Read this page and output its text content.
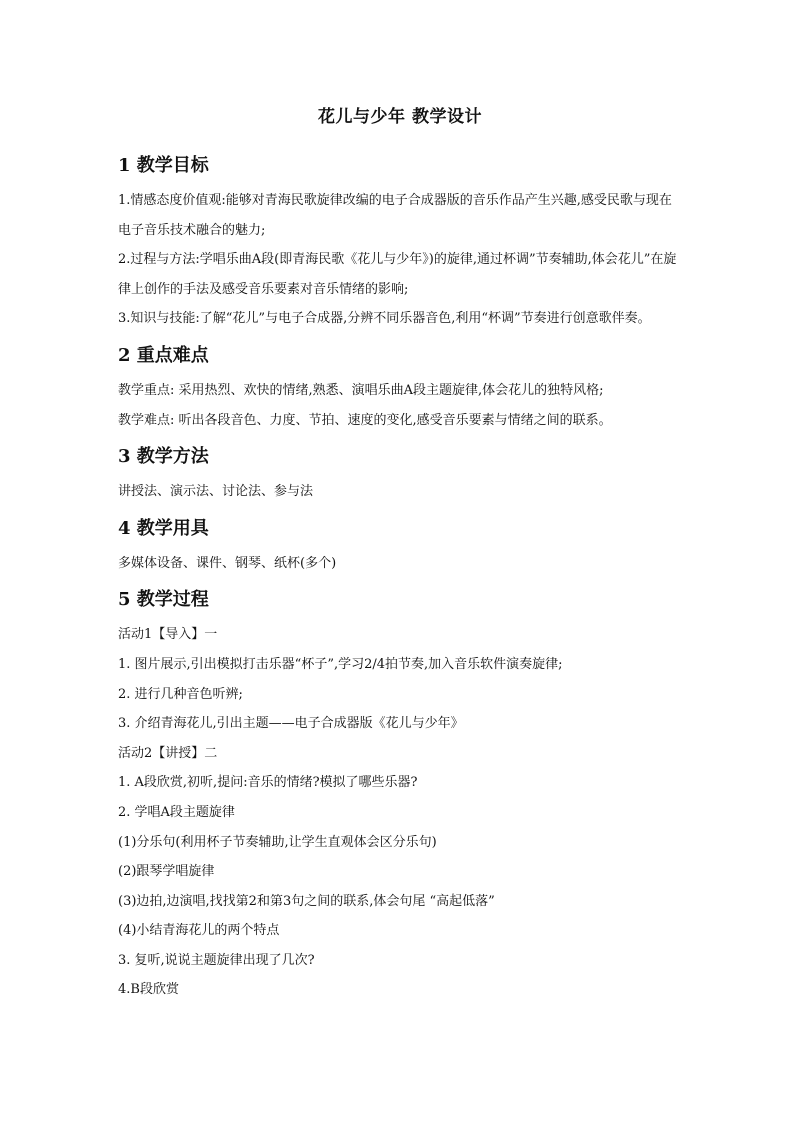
花儿与少年 教学设计
1 教学目标

1.情感态度价值观:能够对青海民歌旋律改编的电子合成器版的音乐作品产生兴趣,感受民歌与现在电子音乐技术融合的魅力;

2.过程与方法:学唱乐曲A段(即青海民歌《花儿与少年》)的旋律,通过杯调”节奏辅助,体会花儿”在旋律上创作的手法及感受音乐要素对音乐情绪的影响;

3.知识与技能:了解“花儿”与电子合成器,分辨不同乐器音色,利用“杯调”节奏进行创意歌伴奏。

2 重点难点

教学重点: 采用热烈、欢快的情绪,熟悉、演唱乐曲A段主题旋律,体会花儿的独特风格;

教学难点: 听出各段音色、力度、节拍、速度的变化,感受音乐要素与情绪之间的联系。

3 教学方法

讲授法、演示法、讨论法、参与法

4 教学用具

多媒体设备、课件、钢琴、纸杯(多个)

5 教学过程

活动1【导入】一

1. 图片展示,引出模拟打击乐器“杯子”,学习2/4拍节奏,加入音乐软件演奏旋律;

2. 进行几种音色听辨;

3. 介绍青海花儿,引出主题——电子合成器版《花儿与少年》

活动2【讲授】二

1. A段欣赏,初听,提问:音乐的情绪?模拟了哪些乐器?

2. 学唱A段主题旋律

(1)分乐句(利用杯子节奏辅助,让学生直观体会区分乐句)

(2)跟琴学唱旋律

(3)边拍,边演唱,找找第2和第3句之间的联系,体会句尾 “高起低落”

(4)小结青海花儿的两个特点

3. 复听,说说主题旋律出现了几次?

4.B段欣赏
